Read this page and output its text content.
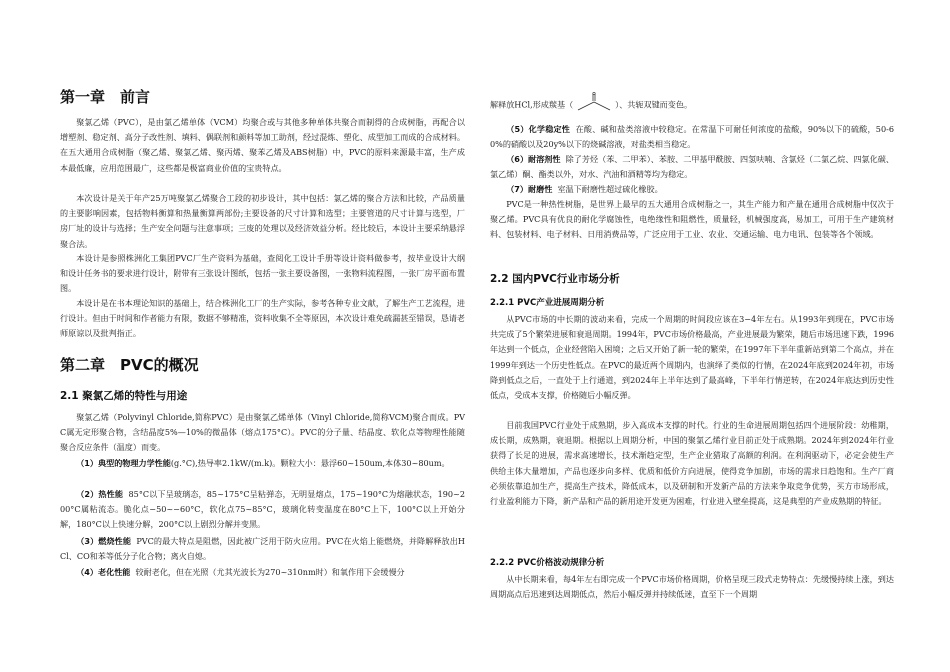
第一章　前言

聚氯乙烯（PVC），是由氯乙烯单体（VCM）均聚合或与其他多种单体共聚合而制得的合成树脂，再配合以增塑剂、稳定剂、高分子改性剂、填料、偶联剂和颜料等加工助剂，经过混炼、塑化、成型加工而成的合成材料。在五大通用合成树脂（聚乙烯、聚氯乙烯、聚丙烯、聚苯乙烯及ABS树脂）中，PVC的原料来源最丰富，生产成本最低廉，应用范围最广，这些都是极富商业价值的宝贵特点。

本次设计是关于年产25万吨聚氯乙烯聚合工段的初步设计，其中包括：氯乙烯的聚合方法和比较，产品质量的主要影响因素，包括物料衡算和热量衡算两部份;主要设备的尺寸计算和选型；主要管道的尺寸计算与选型，厂房厂址的设计与选择；生产安全问题与注意事项；三废的处理以及经济效益分析。经比较后，本设计主要采纳悬浮聚合法。

本设计是参照株洲化工集团PVC厂生产资料为基础，查阅化工设计手册等设计资料做参考，按毕业设计大纲和设计任务书的要求进行设计，附带有三张设计图纸，包括一张主要设备图，一张物料流程图，一张厂房平面布置图。

本设计是在书本理论知识的基础上，结合株洲化工厂的生产实际，参考各种专业文献，了解生产工艺流程，进行设计。但由于时间和作者能力有限，数据不够精准，资料收集不全等原因，本次设计难免疏漏甚至错误，恳请老师原谅以及批判指正。

第二章　PVC的概况
2.1 聚氯乙烯的特性与用途

聚氯乙烯（Polyvinyl Chloride,简称PVC）是由聚氯乙烯单体（Vinyl Chloride,简称VCM)聚合而成。PVC属无定形聚合物，含结晶度5%—10%的微晶体（熔点175°C）。PVC的分子量、结晶度、软化点等物理性能随聚合反应条件（温度）而变。

（1）典型的物理力学性能(g.°C),热导率2.1kW/(m.k)。颗粒大小：悬浮60~150um,本体30~80um。

（2）热性能 85°C以下呈玻璃态，85~175°C呈粘弹态，无明显熔点，175~190°C为熔融状态，190~200°C属粘流态。脆化点−50~−60°C，软化点75~85°C，玻璃化转变温度在80°C上下，100°C以上开始分解，180°C以上快速分解，200°C以上剧烈分解并变黑。

（3）燃烧性能 PVC的最大特点是阻燃，因此被广泛用于防火应用。PVC在火焰上能燃烧，并降解释放出HCl、CO和苯等低分子化合物；离火自熄。

（4）老化性能 较耐老化，但在光照（尤其光波长为270~310nm时）和氧作用下会缓慢分

解释放HCl,形成羰基（	）、共轭双键而变色。

（5）化学稳定性 在酸、碱和盐类溶液中较稳定。在常温下可耐任何浓度的盐酸，90%以下的硫酸，50-60%的硝酸以及20y%以下的烧碱溶液，对盐类相当稳定。

（6）耐溶剂性 除了芳烃（苯、二甲苯）、苯胺、二甲基甲酰胺、四氢呋喃、含氯烃（二氯乙烷、四氯化碳、氯乙烯）酮、酯类以外，对水、汽油和酒精等均为稳定。

（7）耐磨性 室温下耐磨性超过硫化橡胶。

PVC是一种热性树脂，是世界上最早的五大通用合成树脂之一，其生产能力和产量在通用合成树脂中仅次于聚乙烯。PVC具有优良的耐化学腐蚀性，电绝缘性和阻燃性，质量轻，机械强度高，易加工，可用于生产建筑材料、包装材料、电子材料、日用消费品等，广泛应用于工业、农业、交通运输、电力电讯、包装等各个领域。

2.2 国内PVC行业市场分析
2.2.1 PVC产业进展周期分析

从PVC市场的中长期的波动来看，完成一个周期的时间段应该在3−4年左右。从1993年到现在，PVC市场共完成了5个繁荣进展和衰退周期。1994年，PVC市场价格最高，产业进展最为繁荣，随后市场迅速下跌，1996年达到一个低点，企业经营陷入困境；之后又开始了新一轮的繁荣，在1997年下半年重新站到第二个高点，并在1999年到达一个历史性低点。在PVC的最近两个周期内，也演绎了类似的行情，在2024年底到2024年初，市场降到低点之后，一直处于上行通道，到2024年上半年达到了最高峰，下半年行情逆转，在2024年底达到历史性低点，受成本支撑，价格随后小幅反弹。

目前我国PVC行业处于成熟期，步入高成本支撑的时代。行业的生命进展周期包括四个进展阶段：幼稚期，成长期，成熟期，衰退期。根据以上周期分析，中国的聚氯乙烯行业目前正处于成熟期。2024年到2024年行业获得了长足的进展，需求高速增长，技术渐趋定型，生产企业猎取了高额的利润。在利润驱动下，必定会使生产供给主体大量增加，产品也逐步向多样、优质和低价方向进展，使得竞争加剧，市场的需求日趋饱和。生产厂商必须依靠追加生产，提高生产技术，降低成本，以及研制和开发新产品的方法来争取竞争优势，买方市场形成，行业盈利能力下降，新产品和产品的新用途开发更为困难，行业进入壁垒提高，这是典型的产业成熟期的特征。

2.2.2 PVC价格波动规律分析

从中长期来看，每4年左右即完成一个PVC市场价格周期，价格呈现三段式走势特点：先缓慢持续上涨，到达周期高点后迅速到达周期低点，然后小幅反弹并持续低迷，直至下一个周期
